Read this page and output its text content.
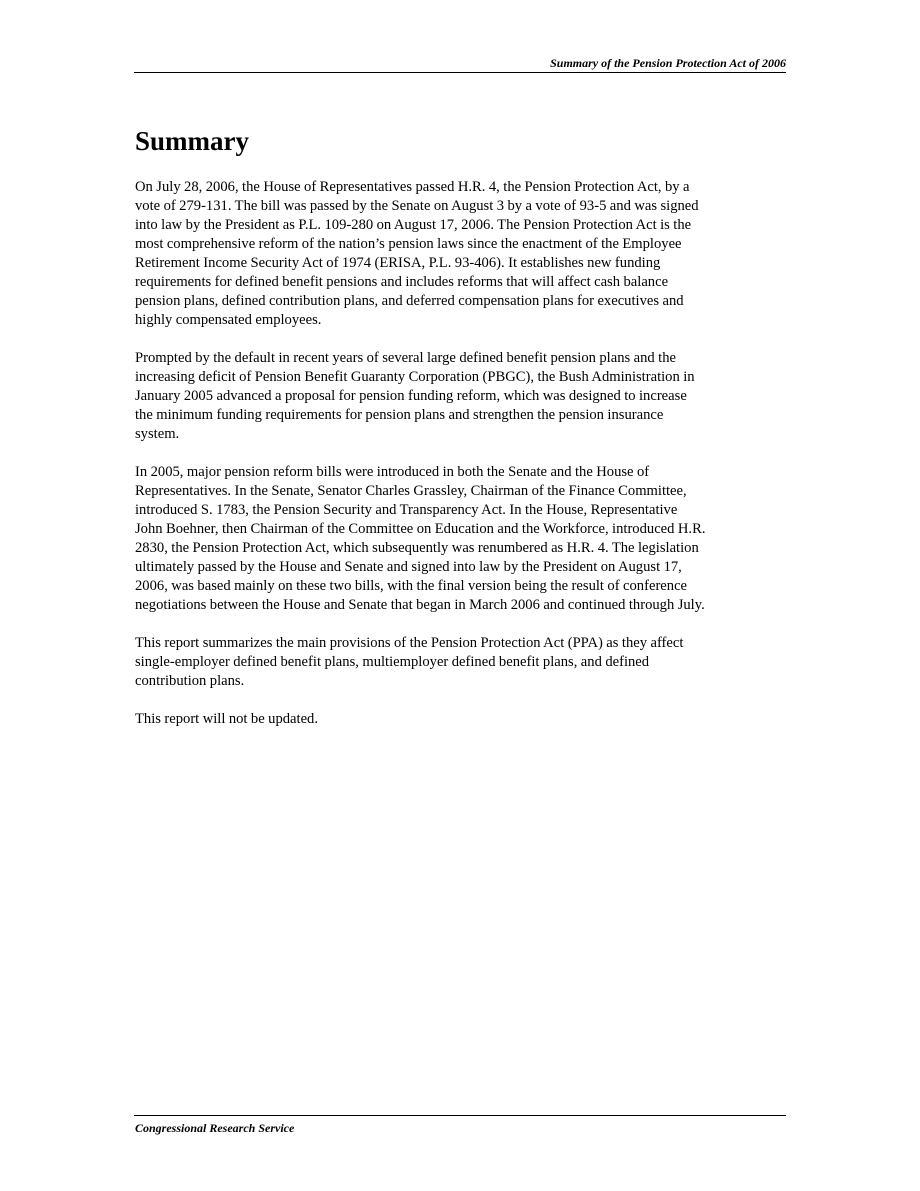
Summary of the Pension Protection Act of 2006
Summary

On July 28, 2006, the House of Representatives passed H.R. 4, the Pension Protection Act, by a
vote of 279-131. The bill was passed by the Senate on August 3 by a vote of 93-5 and was signed
into law by the President as P.L. 109-280 on August 17, 2006. The Pension Protection Act is the
most comprehensive reform of the nation’s pension laws since the enactment of the Employee
Retirement Income Security Act of 1974 (ERISA, P.L. 93-406). It establishes new funding
requirements for defined benefit pensions and includes reforms that will affect cash balance
pension plans, defined contribution plans, and deferred compensation plans for executives and
highly compensated employees.

Prompted by the default in recent years of several large defined benefit pension plans and the
increasing deficit of Pension Benefit Guaranty Corporation (PBGC), the Bush Administration in
January 2005 advanced a proposal for pension funding reform, which was designed to increase
the minimum funding requirements for pension plans and strengthen the pension insurance
system.

In 2005, major pension reform bills were introduced in both the Senate and the House of
Representatives. In the Senate, Senator Charles Grassley, Chairman of the Finance Committee,
introduced S. 1783, the Pension Security and Transparency Act. In the House, Representative
John Boehner, then Chairman of the Committee on Education and the Workforce, introduced H.R.
2830, the Pension Protection Act, which subsequently was renumbered as H.R. 4. The legislation
ultimately passed by the House and Senate and signed into law by the President on August 17,
2006, was based mainly on these two bills, with the final version being the result of conference
negotiations between the House and Senate that began in March 2006 and continued through July.

This report summarizes the main provisions of the Pension Protection Act (PPA) as they affect
single-employer defined benefit plans, multiemployer defined benefit plans, and defined
contribution plans.

This report will not be updated.

Congressional Research Service
